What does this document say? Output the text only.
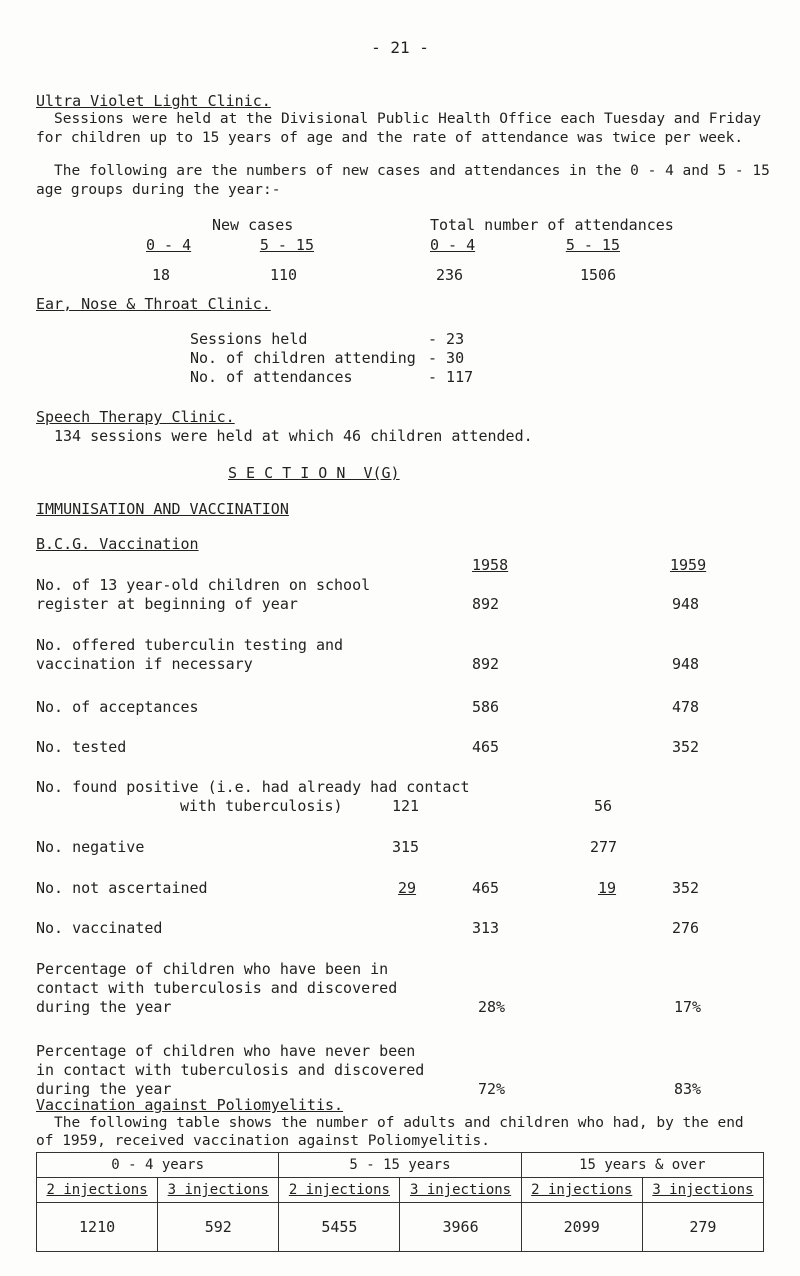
- 21 -
Ultra Violet Light Clinic.
Sessions were held at the Divisional Public Health Office each Tuesday and Friday
for children up to 15 years of age and the rate of attendance was twice per week.
The following are the numbers of new cases and attendances in the 0 - 4 and 5 - 15
age groups during the year:-
New cases	Total number of attendances
0 - 4	5 - 15	0 - 4	5 - 15
18	110	236	1506
Ear, Nose & Throat Clinic.
Sessions held	- 23
No. of children attending - 30
No. of attendances	- 117
Speech Therapy Clinic.
134 sessions were held at which 46 children attended.
S E C T I O N  V(G)
IMMUNISATION AND VACCINATION
B.C.G. Vaccination
1958	1959
No. of 13 year-old children on school
register at beginning of year	892	948
No. offered tuberculin testing and
vaccination if necessary	892	948
No. of acceptances	586	478
No. tested	465	352
No. found positive (i.e. had already had contact
with tuberculosis)	121	56
No. negative	315	277
No. not ascertained	29	465	19	352
No. vaccinated	313	276
Percentage of children who have been in
contact with tuberculosis and discovered
during the year	28%	17%
Percentage of children who have never been
in contact with tuberculosis and discovered
during the year	72%	83%
Vaccination against Poliomyelitis.
0 - 4 years		5 - 15 years		15 years & over	
2 injections	3 injections	2 injections	3 injections	2 injections	3 injections
1210	592	5455	3966	2099	279
The following table shows the number of adults and children who had, by the end
of 1959, received vaccination against Poliomyelitis.
